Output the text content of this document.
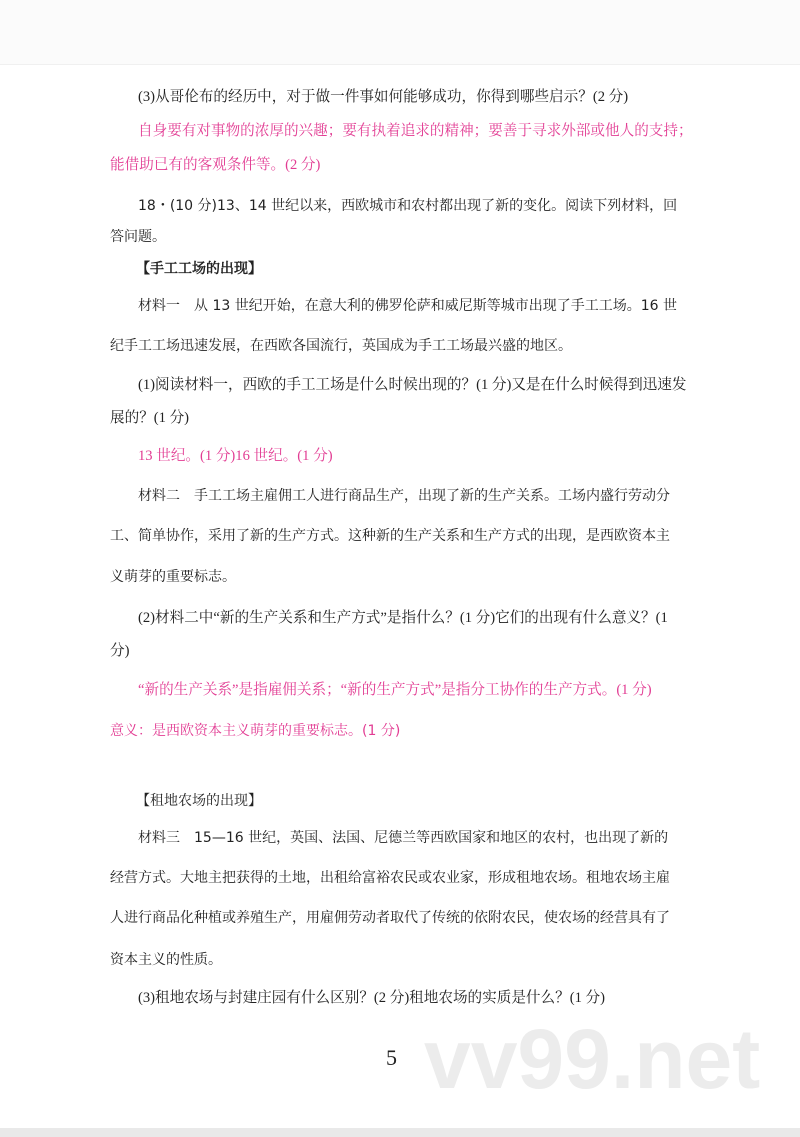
(3)从哥伦布的经历中，对于做一件事如何能够成功，你得到哪些启示？(2 分)
自身要有对事物的浓厚的兴趣；要有执着追求的精神；要善于寻求外部或他人的支持；
能借助已有的客观条件等。(2 分)
18・(10 分)13、14 世纪以来，西欧城市和农村都出现了新的变化。阅读下列材料，回
答问题。
【手工工场的出现】
材料一　从 13 世纪开始，在意大利的佛罗伦萨和威尼斯等城市出现了手工工场。16 世
纪手工工场迅速发展，在西欧各国流行，英国成为手工工场最兴盛的地区。
(1)阅读材料一，西欧的手工工场是什么时候出现的？(1 分)又是在什么时候得到迅速发
展的？(1 分)
13 世纪。(1 分)16 世纪。(1 分)
材料二　手工工场主雇佣工人进行商品生产，出现了新的生产关系。工场内盛行劳动分
工、简单协作，采用了新的生产方式。这种新的生产关系和生产方式的出现，是西欧资本主
义萌芽的重要标志。
(2)材料二中“新的生产关系和生产方式”是指什么？(1 分)它们的出现有什么意义？(1
分)
“新的生产关系”是指雇佣关系；“新的生产方式”是指分工协作的生产方式。(1 分)
意义：是西欧资本主义萌芽的重要标志。(1 分)
【租地农场的出现】
材料三　15—16 世纪，英国、法国、尼德兰等西欧国家和地区的农村，也出现了新的
经营方式。大地主把获得的土地，出租给富裕农民或农业家，形成租地农场。租地农场主雇
人进行商品化种植或养殖生产，用雇佣劳动者取代了传统的依附农民，使农场的经营具有了
资本主义的性质。
(3)租地农场与封建庄园有什么区别？(2 分)租地农场的实质是什么？(1 分)
5 vv99.net
